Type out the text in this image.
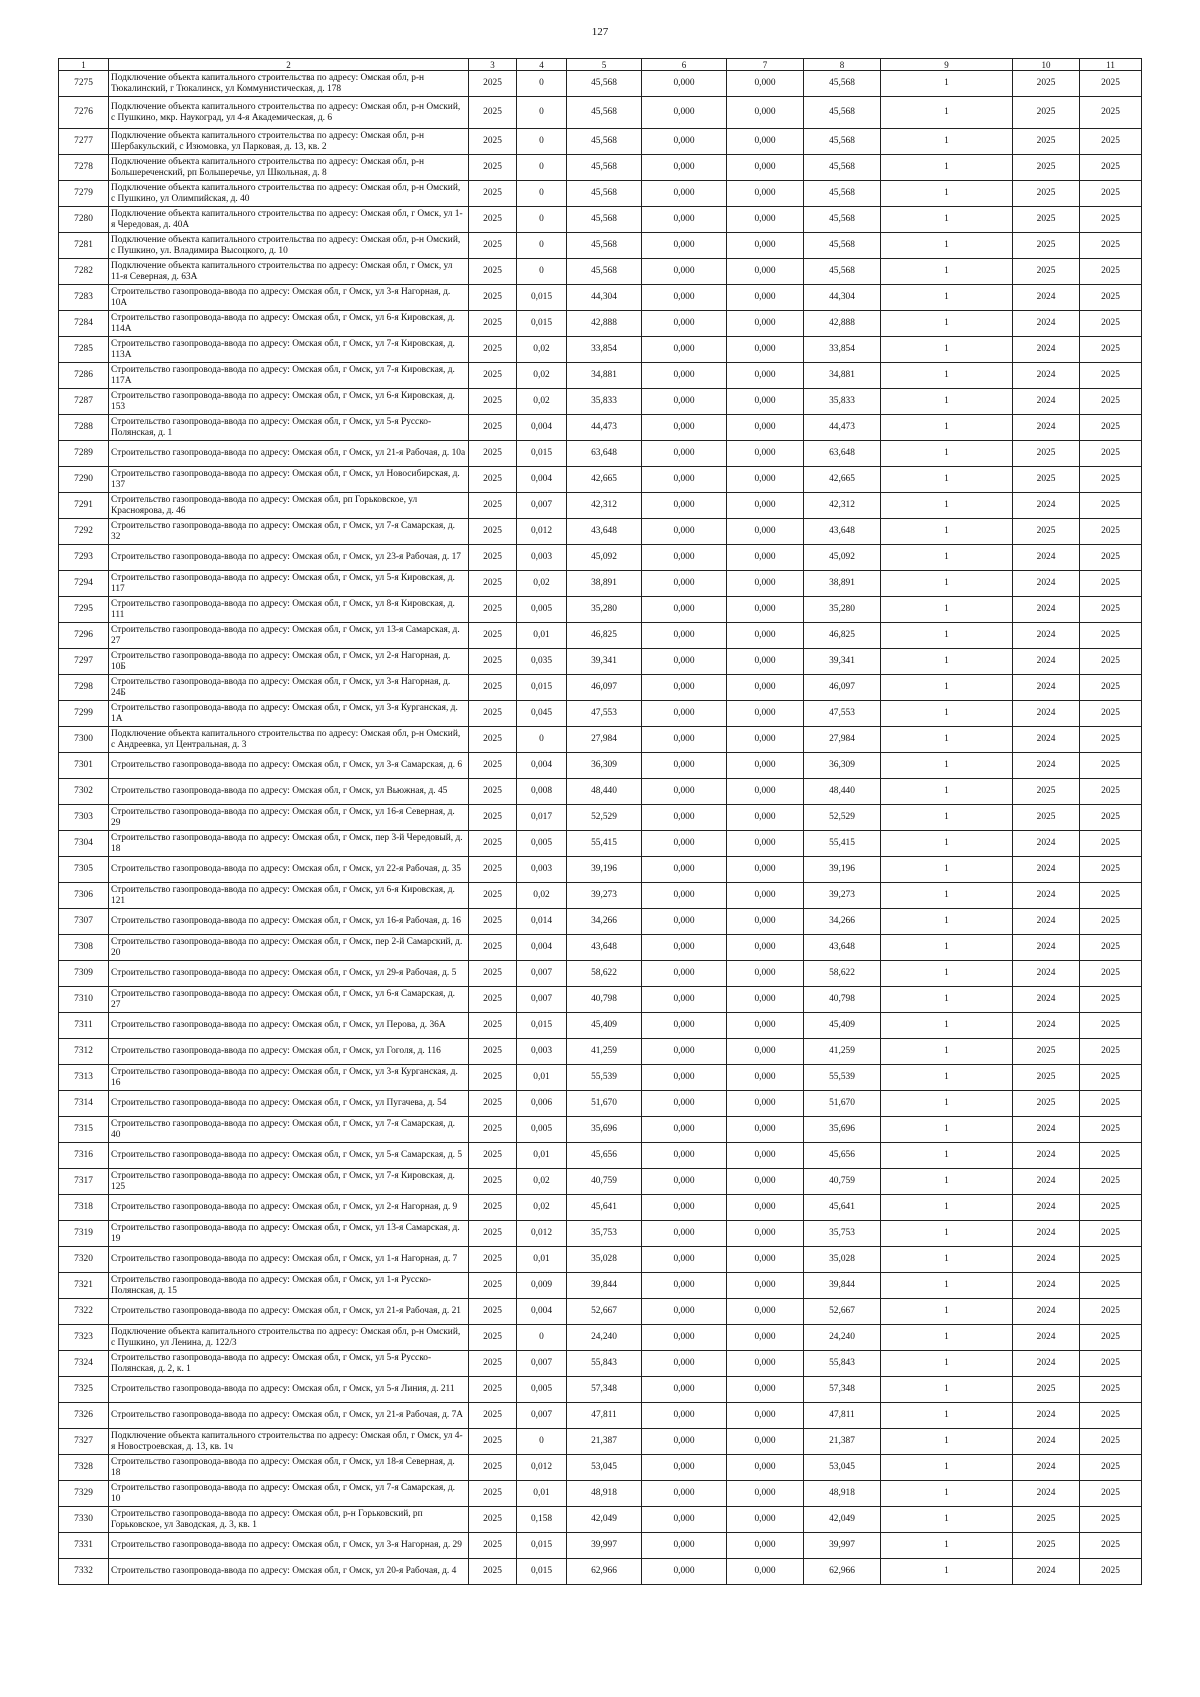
127
1	2	3	4	5	6	7	8	9	10	11
7275	Подключение объекта капитального строительства по адресу: Омская обл, р-н Тюкалинский, г Тюкалинск, ул Коммунистическая, д. 178	2025	0	45,568	0,000	0,000	45,568	1	2025	2025
7276	Подключение объекта капитального строительства по адресу: Омская обл, р-н Омский, с Пушкино, мкр. Наукоград, ул 4-я Академическая, д. 6	2025	0	45,568	0,000	0,000	45,568	1	2025	2025
7277	Подключение объекта капитального строительства по адресу: Омская обл, р-н Шербакульский, с Изюмовка, ул Парковая, д. 13, кв. 2	2025	0	45,568	0,000	0,000	45,568	1	2025	2025
7278	Подключение объекта капитального строительства по адресу: Омская обл, р-н Большереченский, рп Большеречье, ул Школьная, д. 8	2025	0	45,568	0,000	0,000	45,568	1	2025	2025
7279	Подключение объекта капитального строительства по адресу: Омская обл, р-н Омский, с Пушкино, ул Олимпийская, д. 40	2025	0	45,568	0,000	0,000	45,568	1	2025	2025
7280	Подключение объекта капитального строительства по адресу: Омская обл, г Омск, ул 1-я Чередовая, д. 40А	2025	0	45,568	0,000	0,000	45,568	1	2025	2025
7281	Подключение объекта капитального строительства по адресу: Омская обл, р-н Омский, с Пушкино, ул. Владимира Высоцкого, д. 10	2025	0	45,568	0,000	0,000	45,568	1	2025	2025
7282	Подключение объекта капитального строительства по адресу: Омская обл, г Омск, ул 11-я Северная, д. 63А	2025	0	45,568	0,000	0,000	45,568	1	2025	2025
7283	Строительство газопровода-ввода по адресу: Омская обл, г Омск, ул 3-я Нагорная, д. 10А	2025	0,015	44,304	0,000	0,000	44,304	1	2024	2025
7284	Строительство газопровода-ввода по адресу: Омская обл, г Омск, ул 6-я Кировская, д. 114А	2025	0,015	42,888	0,000	0,000	42,888	1	2024	2025
7285	Строительство газопровода-ввода по адресу: Омская обл, г Омск, ул 7-я Кировская, д. 113А	2025	0,02	33,854	0,000	0,000	33,854	1	2024	2025
7286	Строительство газопровода-ввода по адресу: Омская обл, г Омск, ул 7-я Кировская, д. 117А	2025	0,02	34,881	0,000	0,000	34,881	1	2024	2025
7287	Строительство газопровода-ввода по адресу: Омская обл, г Омск, ул 6-я Кировская, д. 153	2025	0,02	35,833	0,000	0,000	35,833	1	2024	2025
7288	Строительство газопровода-ввода по адресу: Омская обл, г Омск, ул 5-я Русско-Полянская, д. 1	2025	0,004	44,473	0,000	0,000	44,473	1	2024	2025
7289	Строительство газопровода-ввода по адресу: Омская обл, г Омск, ул 21-я Рабочая, д. 10а	2025	0,015	63,648	0,000	0,000	63,648	1	2025	2025
7290	Строительство газопровода-ввода по адресу: Омская обл, г Омск, ул Новосибирская, д. 137	2025	0,004	42,665	0,000	0,000	42,665	1	2025	2025
7291	Строительство газопровода-ввода по адресу: Омская обл, рп Горьковское, ул Красноярова, д. 46	2025	0,007	42,312	0,000	0,000	42,312	1	2024	2025
7292	Строительство газопровода-ввода по адресу: Омская обл, г Омск, ул 7-я Самарская, д. 32	2025	0,012	43,648	0,000	0,000	43,648	1	2025	2025
7293	Строительство газопровода-ввода по адресу: Омская обл, г Омск, ул 23-я Рабочая, д. 17	2025	0,003	45,092	0,000	0,000	45,092	1	2024	2025
7294	Строительство газопровода-ввода по адресу: Омская обл, г Омск, ул 5-я Кировская, д. 117	2025	0,02	38,891	0,000	0,000	38,891	1	2024	2025
7295	Строительство газопровода-ввода по адресу: Омская обл, г Омск, ул 8-я Кировская, д. 111	2025	0,005	35,280	0,000	0,000	35,280	1	2024	2025
7296	Строительство газопровода-ввода по адресу: Омская обл, г Омск, ул 13-я Самарская, д. 27	2025	0,01	46,825	0,000	0,000	46,825	1	2024	2025
7297	Строительство газопровода-ввода по адресу: Омская обл, г Омск, ул 2-я Нагорная, д. 10Б	2025	0,035	39,341	0,000	0,000	39,341	1	2024	2025
7298	Строительство газопровода-ввода по адресу: Омская обл, г Омск, ул 3-я Нагорная, д. 24Б	2025	0,015	46,097	0,000	0,000	46,097	1	2024	2025
7299	Строительство газопровода-ввода по адресу: Омская обл, г Омск, ул 3-я Курганская, д. 1А	2025	0,045	47,553	0,000	0,000	47,553	1	2024	2025
7300	Подключение объекта капитального строительства по адресу: Омская обл, р-н Омский, с Андреевка, ул Центральная, д. 3	2025	0	27,984	0,000	0,000	27,984	1	2024	2025
7301	Строительство газопровода-ввода по адресу: Омская обл, г Омск, ул 3-я Самарская, д. 6	2025	0,004	36,309	0,000	0,000	36,309	1	2024	2025
7302	Строительство газопровода-ввода по адресу: Омская обл, г Омск, ул Вьюжная, д. 45	2025	0,008	48,440	0,000	0,000	48,440	1	2025	2025
7303	Строительство газопровода-ввода по адресу: Омская обл, г Омск, ул 16-я Северная, д. 29	2025	0,017	52,529	0,000	0,000	52,529	1	2025	2025
7304	Строительство газопровода-ввода по адресу: Омская обл, г Омск, пер 3-й Чередовый, д. 18	2025	0,005	55,415	0,000	0,000	55,415	1	2024	2025
7305	Строительство газопровода-ввода по адресу: Омская обл, г Омск, ул 22-я Рабочая, д. 35	2025	0,003	39,196	0,000	0,000	39,196	1	2024	2025
7306	Строительство газопровода-ввода по адресу: Омская обл, г Омск, ул 6-я Кировская, д. 121	2025	0,02	39,273	0,000	0,000	39,273	1	2024	2025
7307	Строительство газопровода-ввода по адресу: Омская обл, г Омск, ул 16-я Рабочая, д. 16	2025	0,014	34,266	0,000	0,000	34,266	1	2024	2025
7308	Строительство газопровода-ввода по адресу: Омская обл, г Омск, пер 2-й Самарский, д. 20	2025	0,004	43,648	0,000	0,000	43,648	1	2024	2025
7309	Строительство газопровода-ввода по адресу: Омская обл, г Омск, ул 29-я Рабочая, д. 5	2025	0,007	58,622	0,000	0,000	58,622	1	2024	2025
7310	Строительство газопровода-ввода по адресу: Омская обл, г Омск, ул 6-я Самарская, д. 27	2025	0,007	40,798	0,000	0,000	40,798	1	2024	2025
7311	Строительство газопровода-ввода по адресу: Омская обл, г Омск, ул Перова, д. 36А	2025	0,015	45,409	0,000	0,000	45,409	1	2024	2025
7312	Строительство газопровода-ввода по адресу: Омская обл, г Омск, ул Гоголя, д. 116	2025	0,003	41,259	0,000	0,000	41,259	1	2025	2025
7313	Строительство газопровода-ввода по адресу: Омская обл, г Омск, ул 3-я Курганская, д. 16	2025	0,01	55,539	0,000	0,000	55,539	1	2025	2025
7314	Строительство газопровода-ввода по адресу: Омская обл, г Омск, ул Пугачева, д. 54	2025	0,006	51,670	0,000	0,000	51,670	1	2025	2025
7315	Строительство газопровода-ввода по адресу: Омская обл, г Омск, ул 7-я Самарская, д. 40	2025	0,005	35,696	0,000	0,000	35,696	1	2024	2025
7316	Строительство газопровода-ввода по адресу: Омская обл, г Омск, ул 5-я Самарская, д. 5	2025	0,01	45,656	0,000	0,000	45,656	1	2024	2025
7317	Строительство газопровода-ввода по адресу: Омская обл, г Омск, ул 7-я Кировская, д. 125	2025	0,02	40,759	0,000	0,000	40,759	1	2024	2025
7318	Строительство газопровода-ввода по адресу: Омская обл, г Омск, ул 2-я Нагорная, д. 9	2025	0,02	45,641	0,000	0,000	45,641	1	2024	2025
7319	Строительство газопровода-ввода по адресу: Омская обл, г Омск, ул 13-я Самарская, д. 19	2025	0,012	35,753	0,000	0,000	35,753	1	2024	2025
7320	Строительство газопровода-ввода по адресу: Омская обл, г Омск, ул 1-я Нагорная, д. 7	2025	0,01	35,028	0,000	0,000	35,028	1	2024	2025
7321	Строительство газопровода-ввода по адресу: Омская обл, г Омск, ул 1-я Русско-Полянская, д. 15	2025	0,009	39,844	0,000	0,000	39,844	1	2024	2025
7322	Строительство газопровода-ввода по адресу: Омская обл, г Омск, ул 21-я Рабочая, д. 21	2025	0,004	52,667	0,000	0,000	52,667	1	2024	2025
7323	Подключение объекта капитального строительства по адресу: Омская обл, р-н Омский, с Пушкино, ул Ленина, д. 122/3	2025	0	24,240	0,000	0,000	24,240	1	2024	2025
7324	Строительство газопровода-ввода по адресу: Омская обл, г Омск, ул 5-я Русско-Полянская, д. 2, к. 1	2025	0,007	55,843	0,000	0,000	55,843	1	2024	2025
7325	Строительство газопровода-ввода по адресу: Омская обл, г Омск, ул 5-я Линия, д. 211	2025	0,005	57,348	0,000	0,000	57,348	1	2025	2025
7326	Строительство газопровода-ввода по адресу: Омская обл, г Омск, ул 21-я Рабочая, д. 7А	2025	0,007	47,811	0,000	0,000	47,811	1	2024	2025
7327	Подключение объекта капитального строительства по адресу: Омская обл, г Омск, ул 4-я Новостроевская, д. 13, кв. 1ч	2025	0	21,387	0,000	0,000	21,387	1	2024	2025
7328	Строительство газопровода-ввода по адресу: Омская обл, г Омск, ул 18-я Северная, д. 18	2025	0,012	53,045	0,000	0,000	53,045	1	2024	2025
7329	Строительство газопровода-ввода по адресу: Омская обл, г Омск, ул 7-я Самарская, д. 10	2025	0,01	48,918	0,000	0,000	48,918	1	2024	2025
7330	Строительство газопровода-ввода по адресу: Омская обл, р-н Горьковский, рп Горьковское, ул Заводская, д. 3, кв. 1	2025	0,158	42,049	0,000	0,000	42,049	1	2025	2025
7331	Строительство газопровода-ввода по адресу: Омская обл, г Омск, ул 3-я Нагорная, д. 29	2025	0,015	39,997	0,000	0,000	39,997	1	2025	2025
7332	Строительство газопровода-ввода по адресу: Омская обл, г Омск, ул 20-я Рабочая, д. 4	2025	0,015	62,966	0,000	0,000	62,966	1	2024	2025
